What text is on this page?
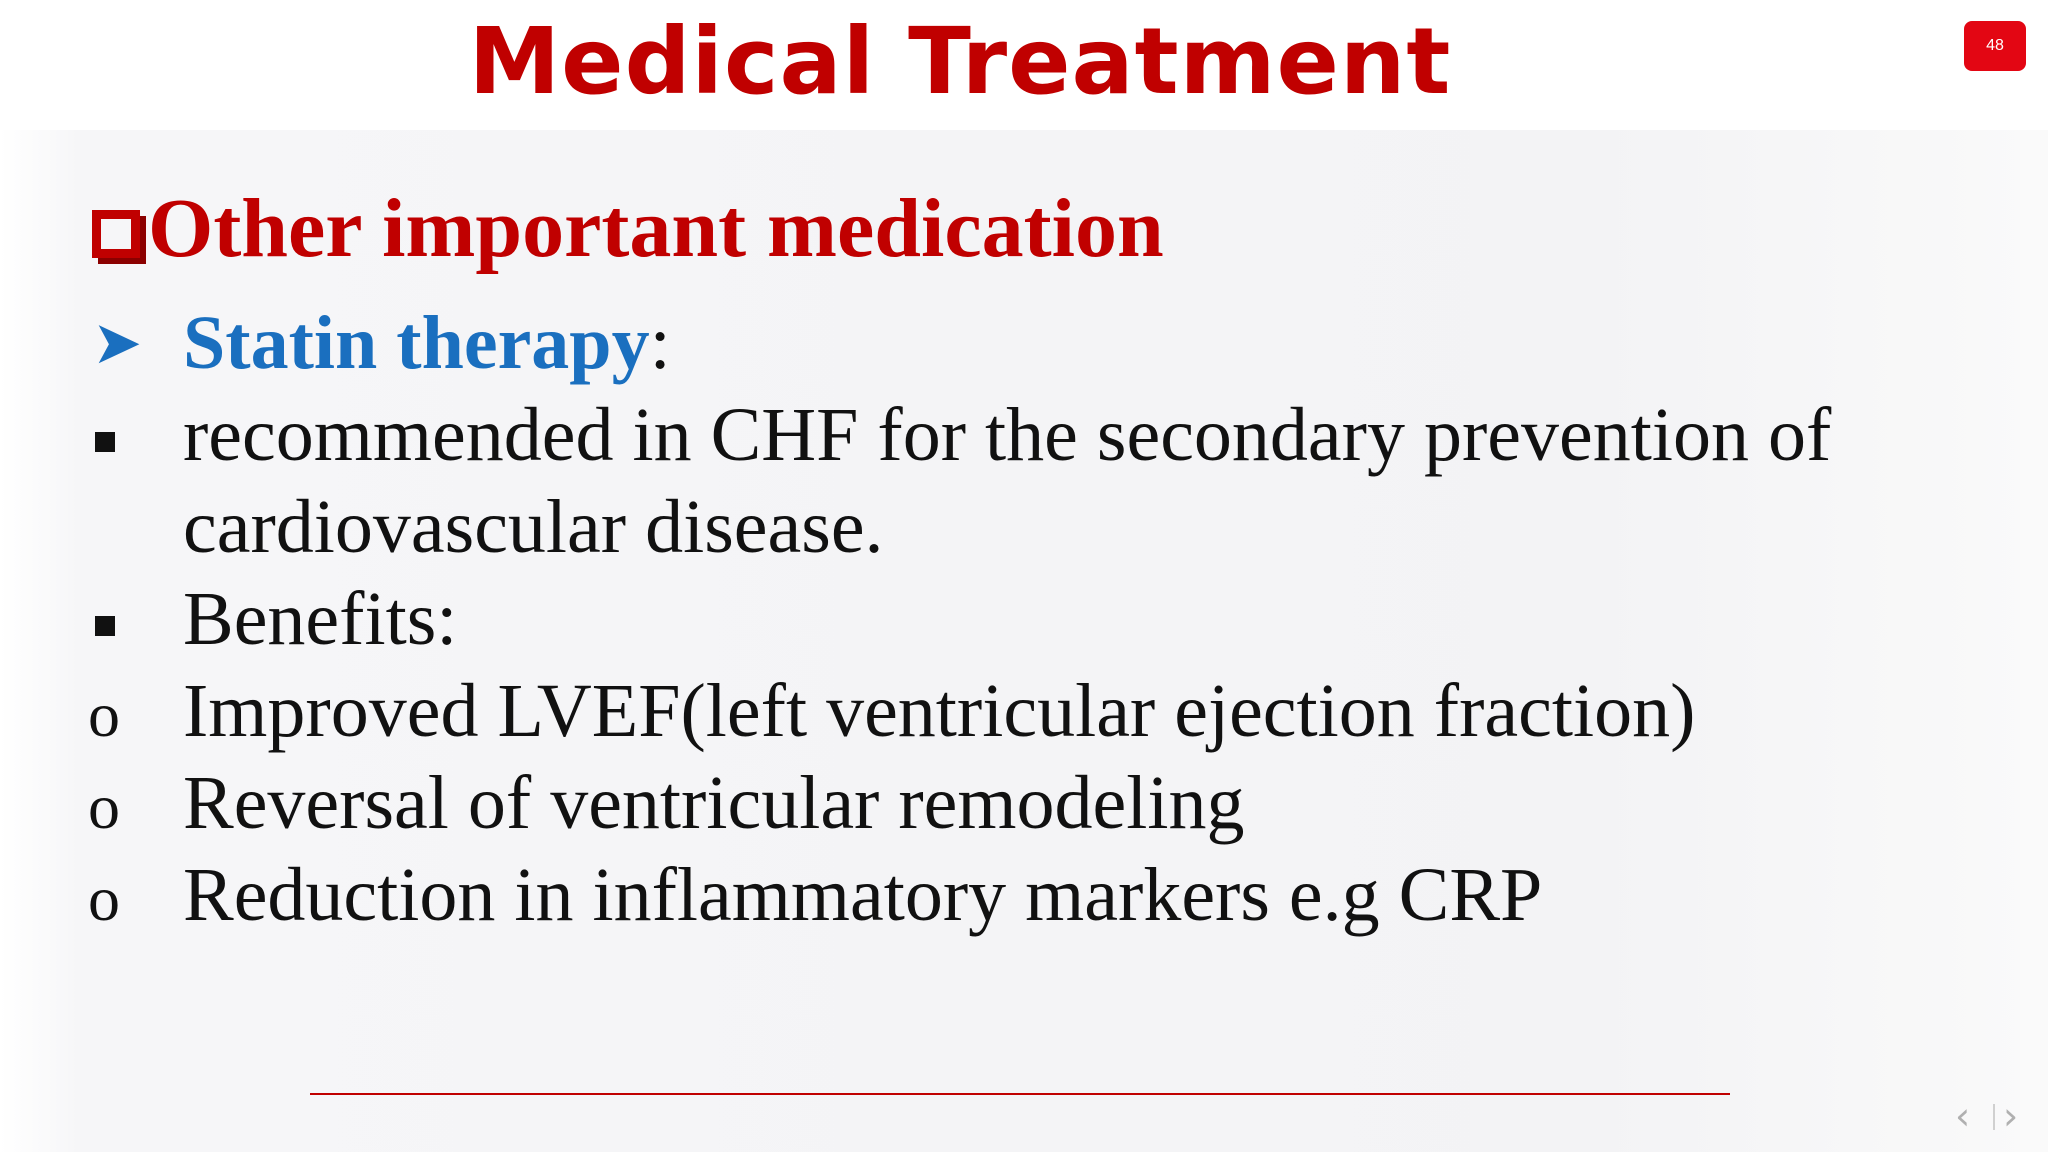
Medical Treatment	48
Other important medication
➤ Statin therapy:
recommended in CHF for the secondary prevention of
cardiovascular disease.
Benefits:
o Improved LVEF(left ventricular ejection fraction)
o Reversal of ventricular remodeling
o Reduction in inflammatory markers e.g CRP
‹ ›
